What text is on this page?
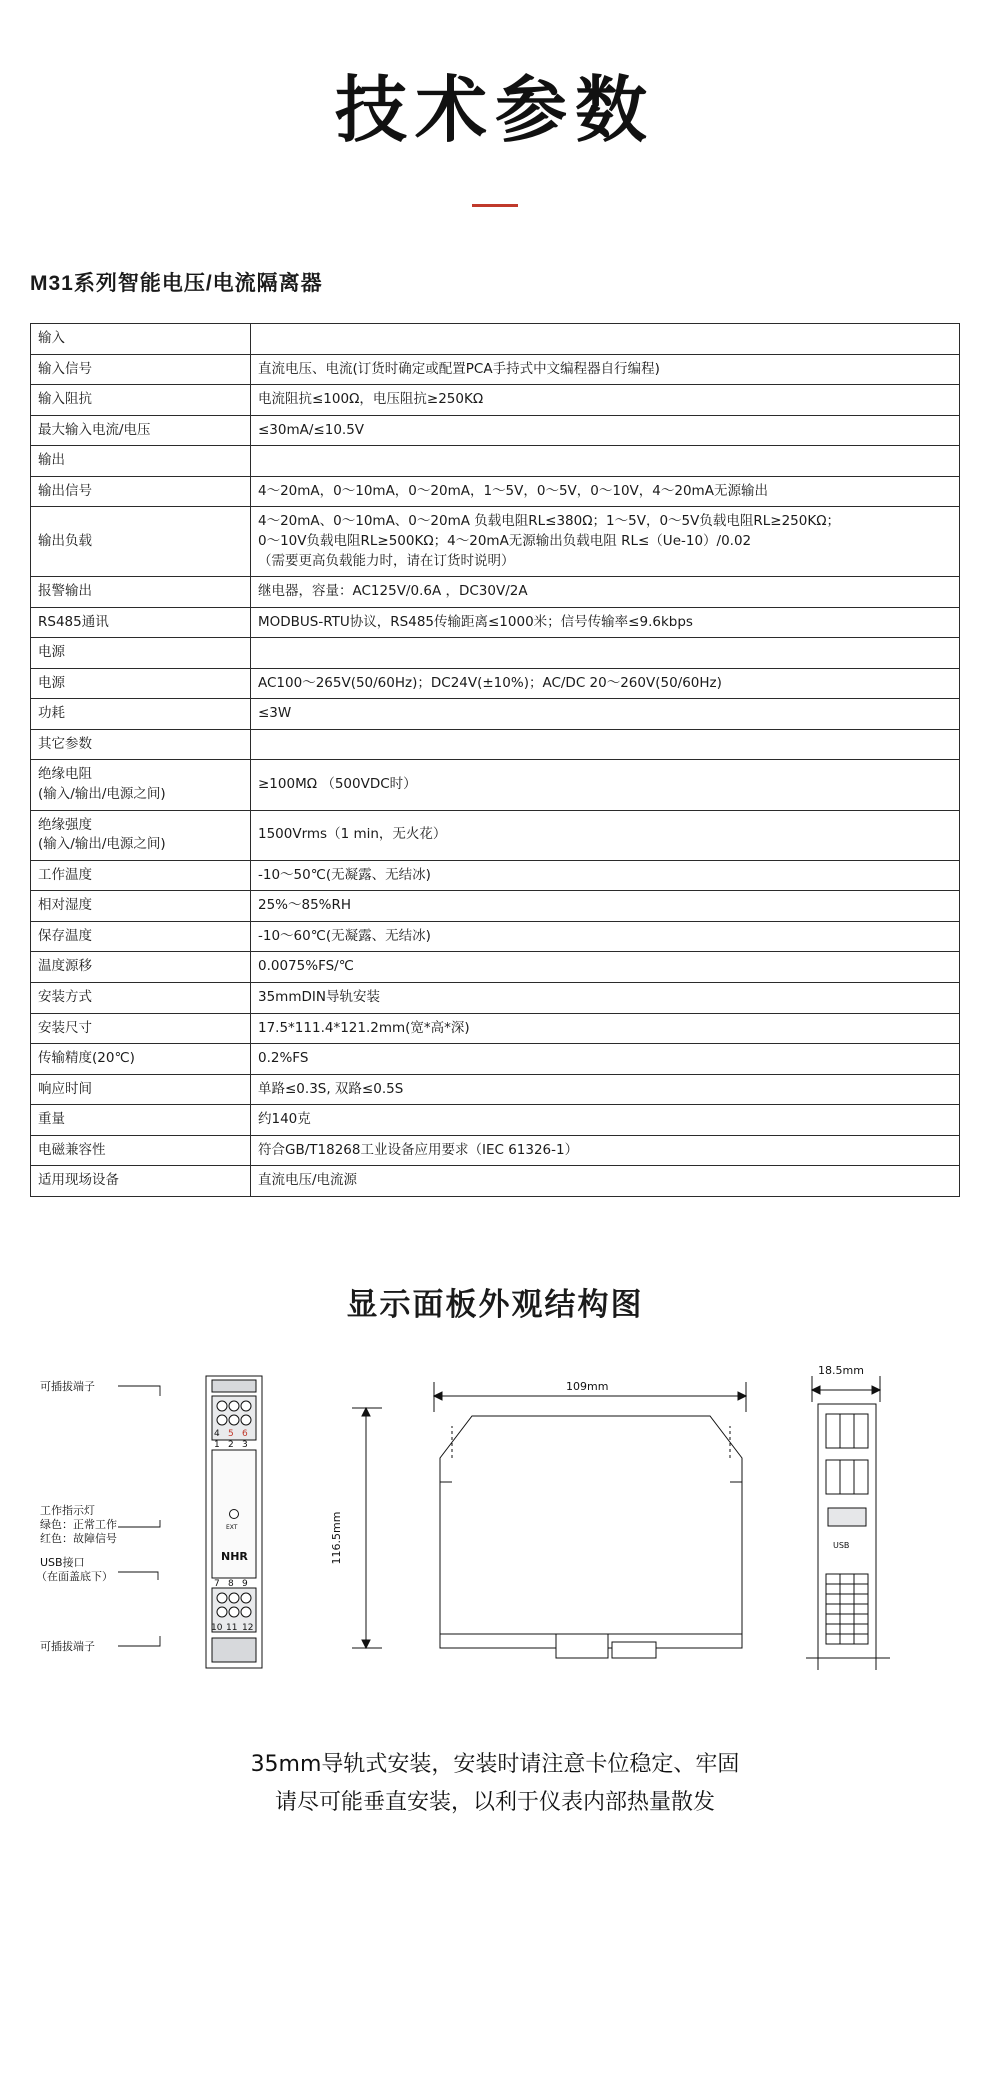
技术参数
M31系列智能电压/电流隔离器
输入	
输入信号	直流电压、电流(订货时确定或配置PCA手持式中文编程器自行编程)
输入阻抗	电流阻抗≤100Ω，电压阻抗≥250KΩ
最大输入电流/电压	≤30mA/≤10.5V
输出	
输出信号	4～20mA，0～10mA，0～20mA，1～5V，0～5V，0～10V，4～20mA无源输出
输出负载	4～20mA、0～10mA、0～20mA 负载电阻RL≤380Ω；1～5V，0～5V负载电阻RL≥250KΩ；
0～10V负载电阻RL≥500KΩ；4～20mA无源输出负载电阻 RL≤（Ue-10）/0.02
（需要更高负载能力时，请在订货时说明）

报警输出	继电器，容量：AC125V/0.6A ，DC30V/2A
RS485通讯	MODBUS-RTU协议，RS485传输距离≤1000米；信号传输率≤9.6kbps
电源	
电源	AC100～265V(50/60Hz)；DC24V(±10%)；AC/DC 20～260V(50/60Hz)
功耗	≤3W
其它参数	

绝缘电阻
(输入/输出/电源之间)	≥100MΩ （500VDC时）

绝缘强度
(输入/输出/电源之间)	1500Vrms（1 min，无火花）
工作温度	-10～50℃(无凝露、无结冰)
相对湿度	25%～85%RH
保存温度	-10～60℃(无凝露、无结冰)
温度源移	0.0075%FS/℃
安装方式	35mmDIN导轨安装
安装尺寸	17.5*111.4*121.2mm(宽*高*深)
传输精度(20℃)	0.2%FS
响应时间	单路≤0.3S, 双路≤0.5S
重量	约140克
电磁兼容性	符合GB/T18268工业设备应用要求（IEC 61326-1）
适用现场设备	直流电压/电流源
显示面板外观结构图
可插拔端子
工作指示灯
绿色：正常工作
红色：故障信号
USB接口
（在面盖底下）
可插拔端子
4 5 6
1 2 3
EXT
NHR
7 8 9
10 11 12
109mm
116.5mm
18.5mm
USB
35mm导轨式安装，安装时请注意卡位稳定、牢固
请尽可能垂直安装，以利于仪表内部热量散发
